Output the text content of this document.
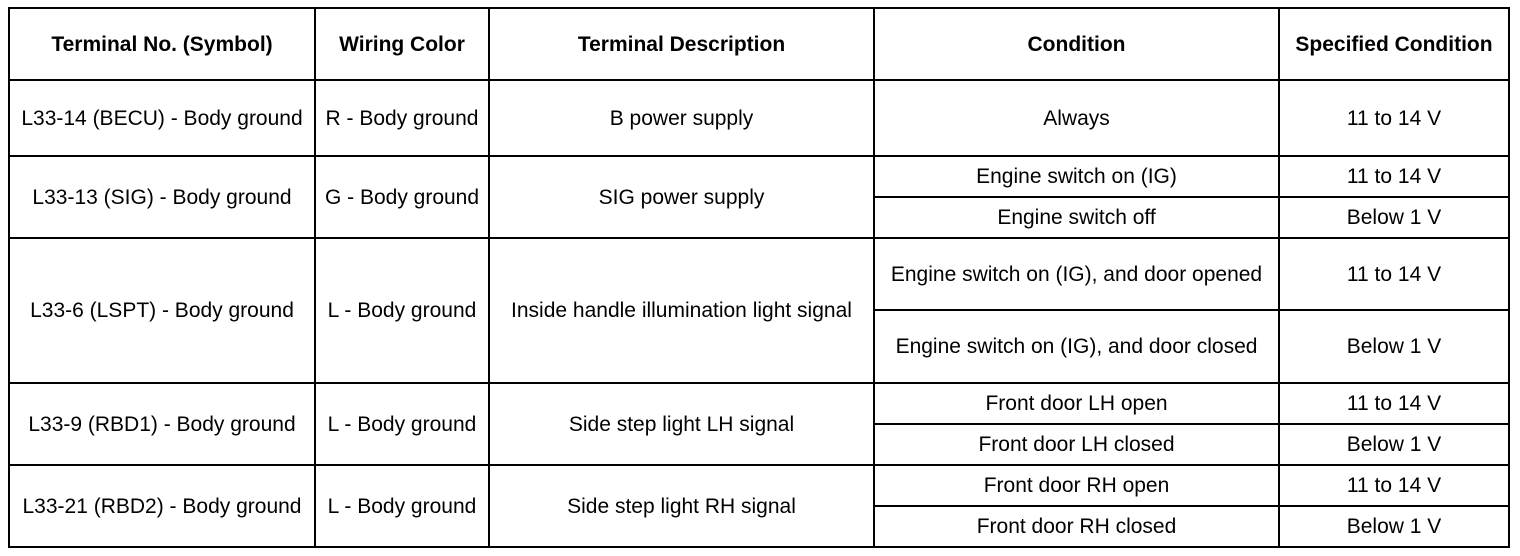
Terminal No. (Symbol)	Wiring Color	Terminal Description	Condition	Specified Condition
L33-14 (BECU) - Body ground	R - Body ground	B power supply	Always	11 to 14 V
L33-13 (SIG) - Body ground	G - Body ground	SIG power supply	Engine switch on (IG)	11 to 14 V
			Engine switch off	Below 1 V
L33-6 (LSPT) - Body ground	L - Body ground	Inside handle illumination light signal	Engine switch on (IG), and door opened	11 to 14 V
			Engine switch on (IG), and door closed	Below 1 V
L33-9 (RBD1) - Body ground	L - Body ground	Side step light LH signal	Front door LH open	11 to 14 V
			Front door LH closed	Below 1 V
L33-21 (RBD2) - Body ground	L - Body ground	Side step light RH signal	Front door RH open	11 to 14 V
			Front door RH closed	Below 1 V
